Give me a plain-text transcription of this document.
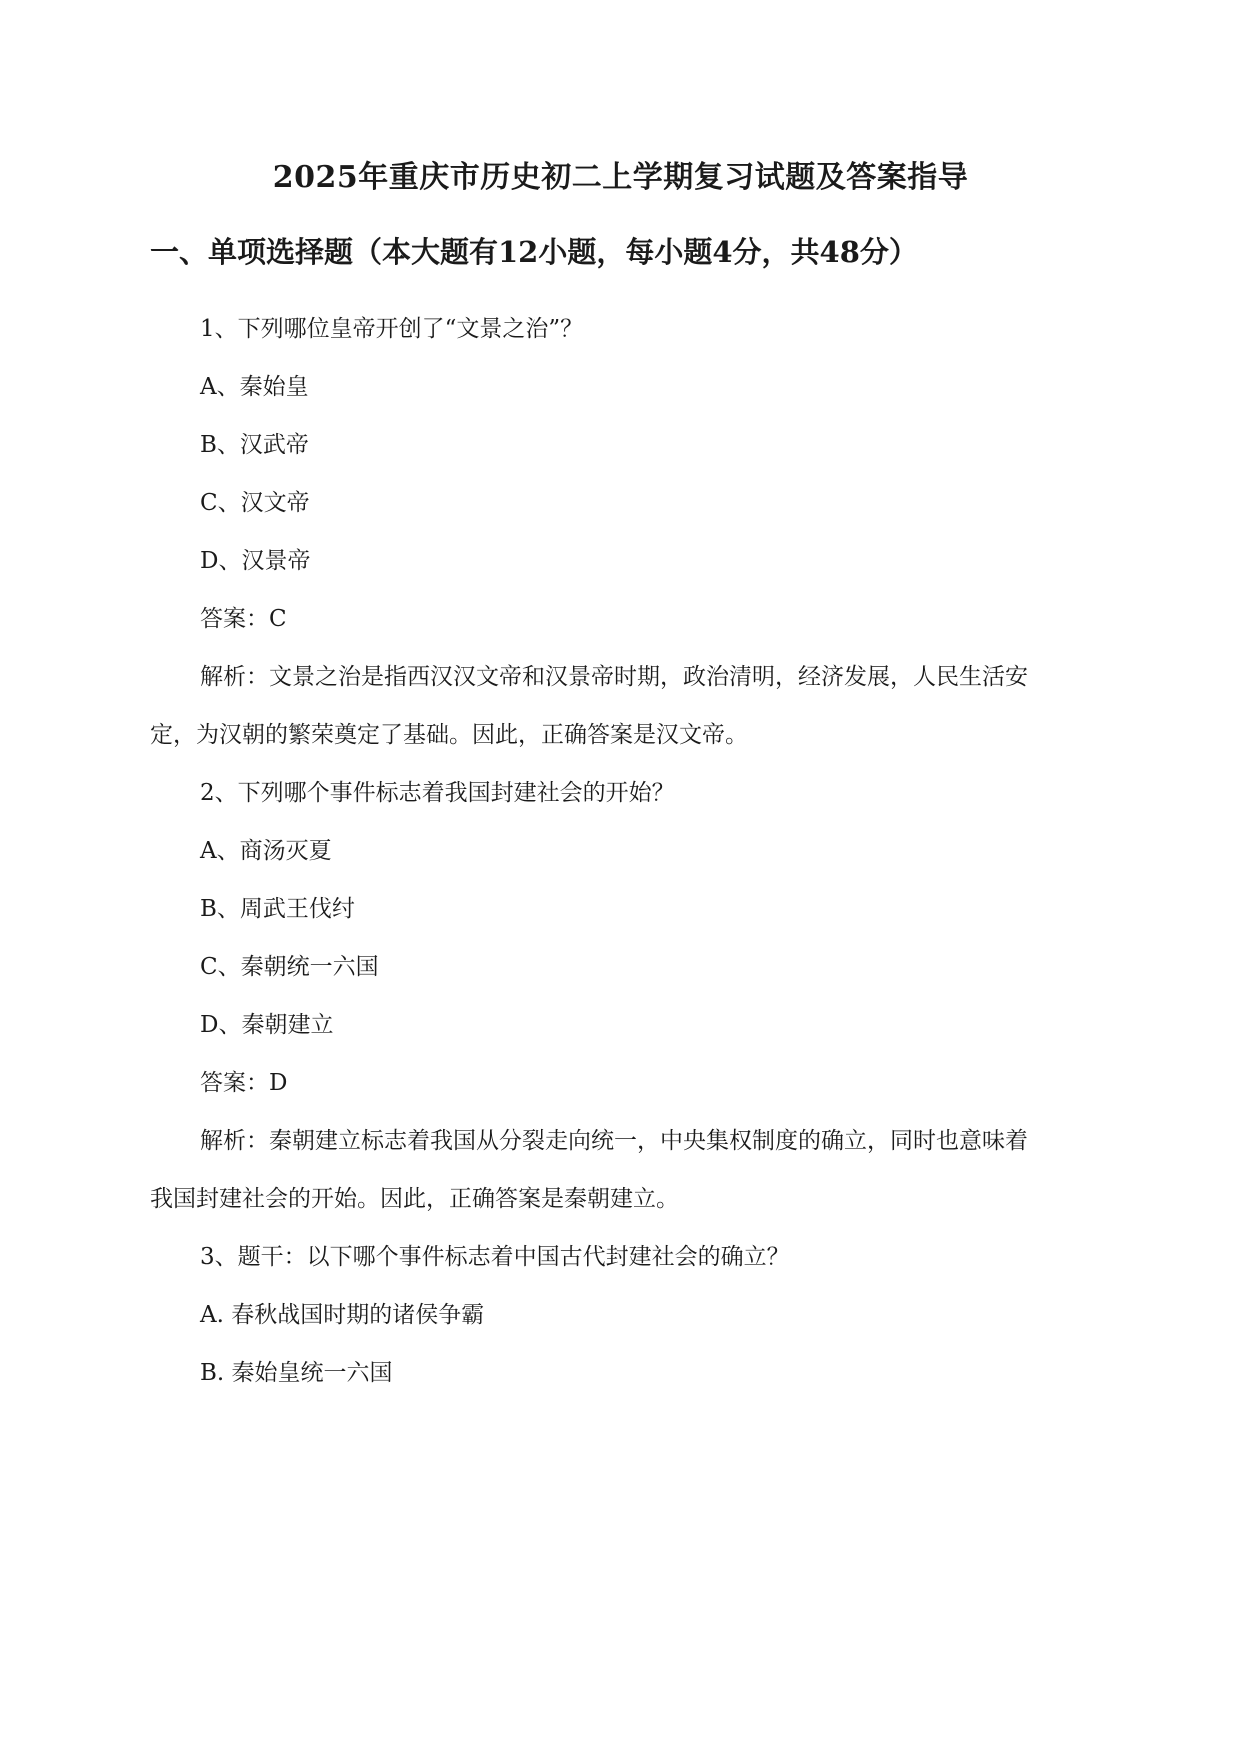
2025年重庆市历史初二上学期复习试题及答案指导
一、单项选择题（本大题有12小题，每小题4分，共48分）

1、下列哪位皇帝开创了“文景之治”？

A、秦始皇

B、汉武帝

C、汉文帝

D、汉景帝

答案：C

解析：文景之治是指西汉汉文帝和汉景帝时期，政治清明，经济发展，人民生活安

定，为汉朝的繁荣奠定了基础。因此，正确答案是汉文帝。

2、下列哪个事件标志着我国封建社会的开始？

A、商汤灭夏

B、周武王伐纣

C、秦朝统一六国

D、秦朝建立

答案：D

解析：秦朝建立标志着我国从分裂走向统一，中央集权制度的确立，同时也意味着

我国封建社会的开始。因此，正确答案是秦朝建立。

3、题干：以下哪个事件标志着中国古代封建社会的确立？

A. 春秋战国时期的诸侯争霸

B. 秦始皇统一六国
